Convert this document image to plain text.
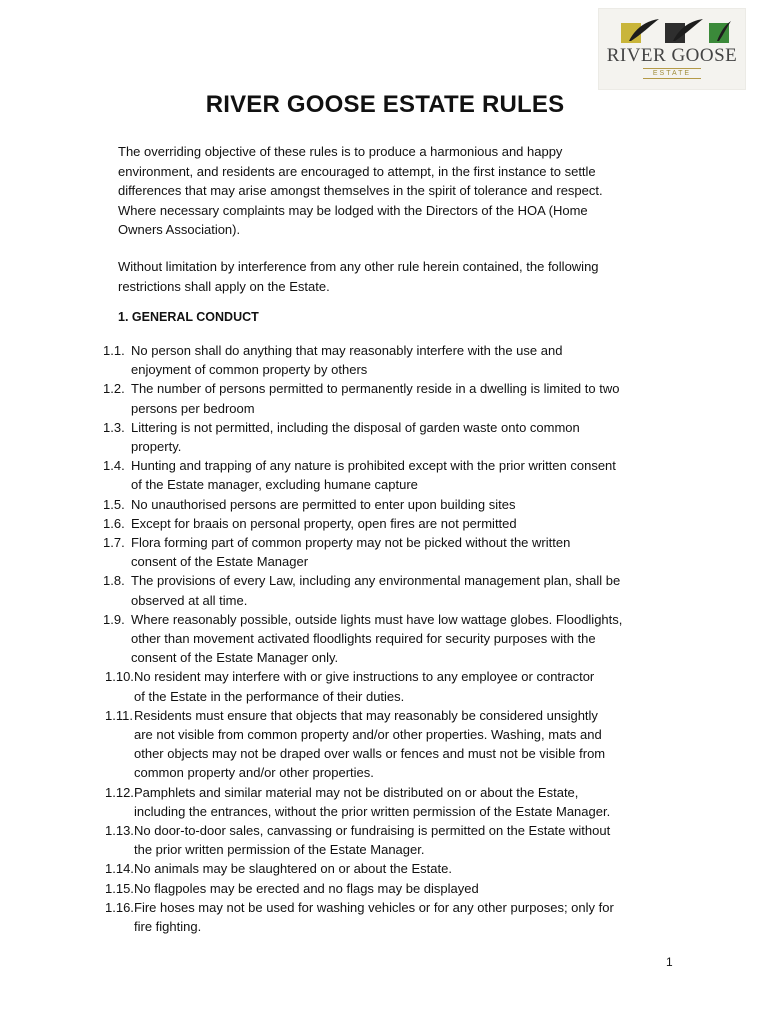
RIVER GOOSE
ESTATE
RIVER GOOSE ESTATE RULES

The overriding objective of these rules is to produce a harmonious and happy
environment, and residents are encouraged to attempt, in the first instance to settle
differences that may arise amongst themselves in the spirit of tolerance and respect.
Where necessary complaints may be lodged with the Directors of the HOA (Home
Owners Association).

Without limitation by interference from any other rule herein contained, the following
restrictions shall apply on the Estate.

1. GENERAL CONDUCT
1.1. No person shall do anything that may reasonably interfere with the use and
enjoyment of common property by others
1.2. The number of persons permitted to permanently reside in a dwelling is limited to two
persons per bedroom
1.3. Littering is not permitted, including the disposal of garden waste onto common
property.
1.4. Hunting and trapping of any nature is prohibited except with the prior written consent
of the Estate manager, excluding humane capture
1.5. No unauthorised persons are permitted to enter upon building sites
1.6. Except for braais on personal property, open fires are not permitted
1.7. Flora forming part of common property may not be picked without the written
consent of the Estate Manager
1.8. The provisions of every Law, including any environmental management plan, shall be
observed at all time.
1.9. Where reasonably possible, outside lights must have low wattage globes. Floodlights,
other than movement activated floodlights required for security purposes with the
consent of the Estate Manager only.
1.10. No resident may interfere with or give instructions to any employee or contractor
of the Estate in the performance of their duties.
1.11. Residents must ensure that objects that may reasonably be considered unsightly
are not visible from common property and/or other properties. Washing, mats and
other objects may not be draped over walls or fences and must not be visible from
common property and/or other properties.
1.12. Pamphlets and similar material may not be distributed on or about the Estate,
including the entrances, without the prior written permission of the Estate Manager.
1.13. No door-to-door sales, canvassing or fundraising is permitted on the Estate without
the prior written permission of the Estate Manager.
1.14. No animals may be slaughtered on or about the Estate.
1.15. No flagpoles may be erected and no flags may be displayed
1.16. Fire hoses may not be used for washing vehicles or for any other purposes; only for
fire fighting.
1
